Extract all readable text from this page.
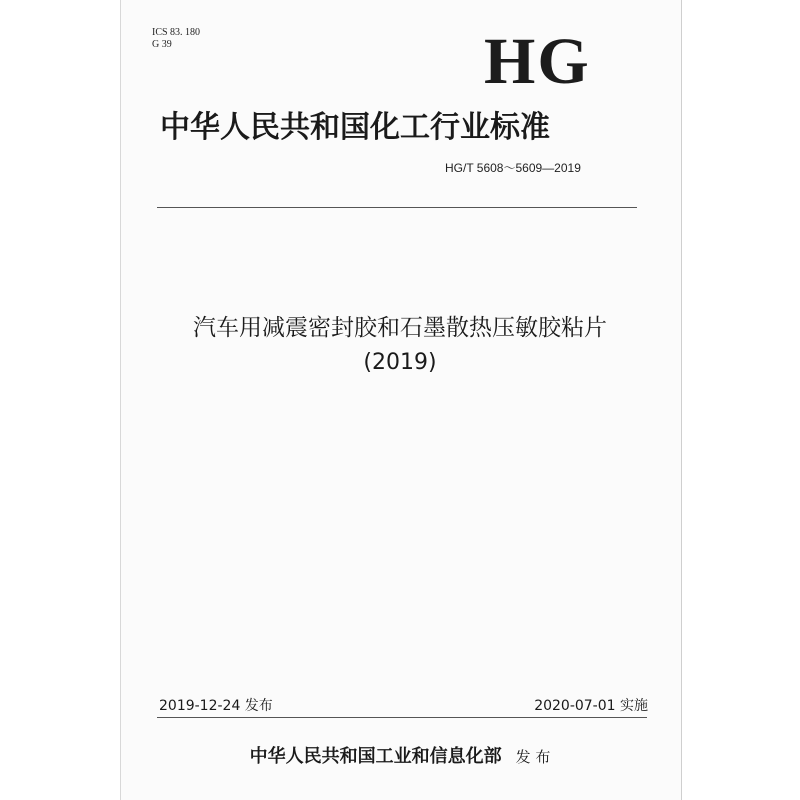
ICS 83. 180
G 39	HG
中华人民共和国化工行业标准
HG/T 5608～5609—2019
汽车用减震密封胶和石墨散热压敏胶粘片
(2019)
2019-12-24 发布	2020-07-01 实施
中华人民共和国工业和信息化部 发 布
